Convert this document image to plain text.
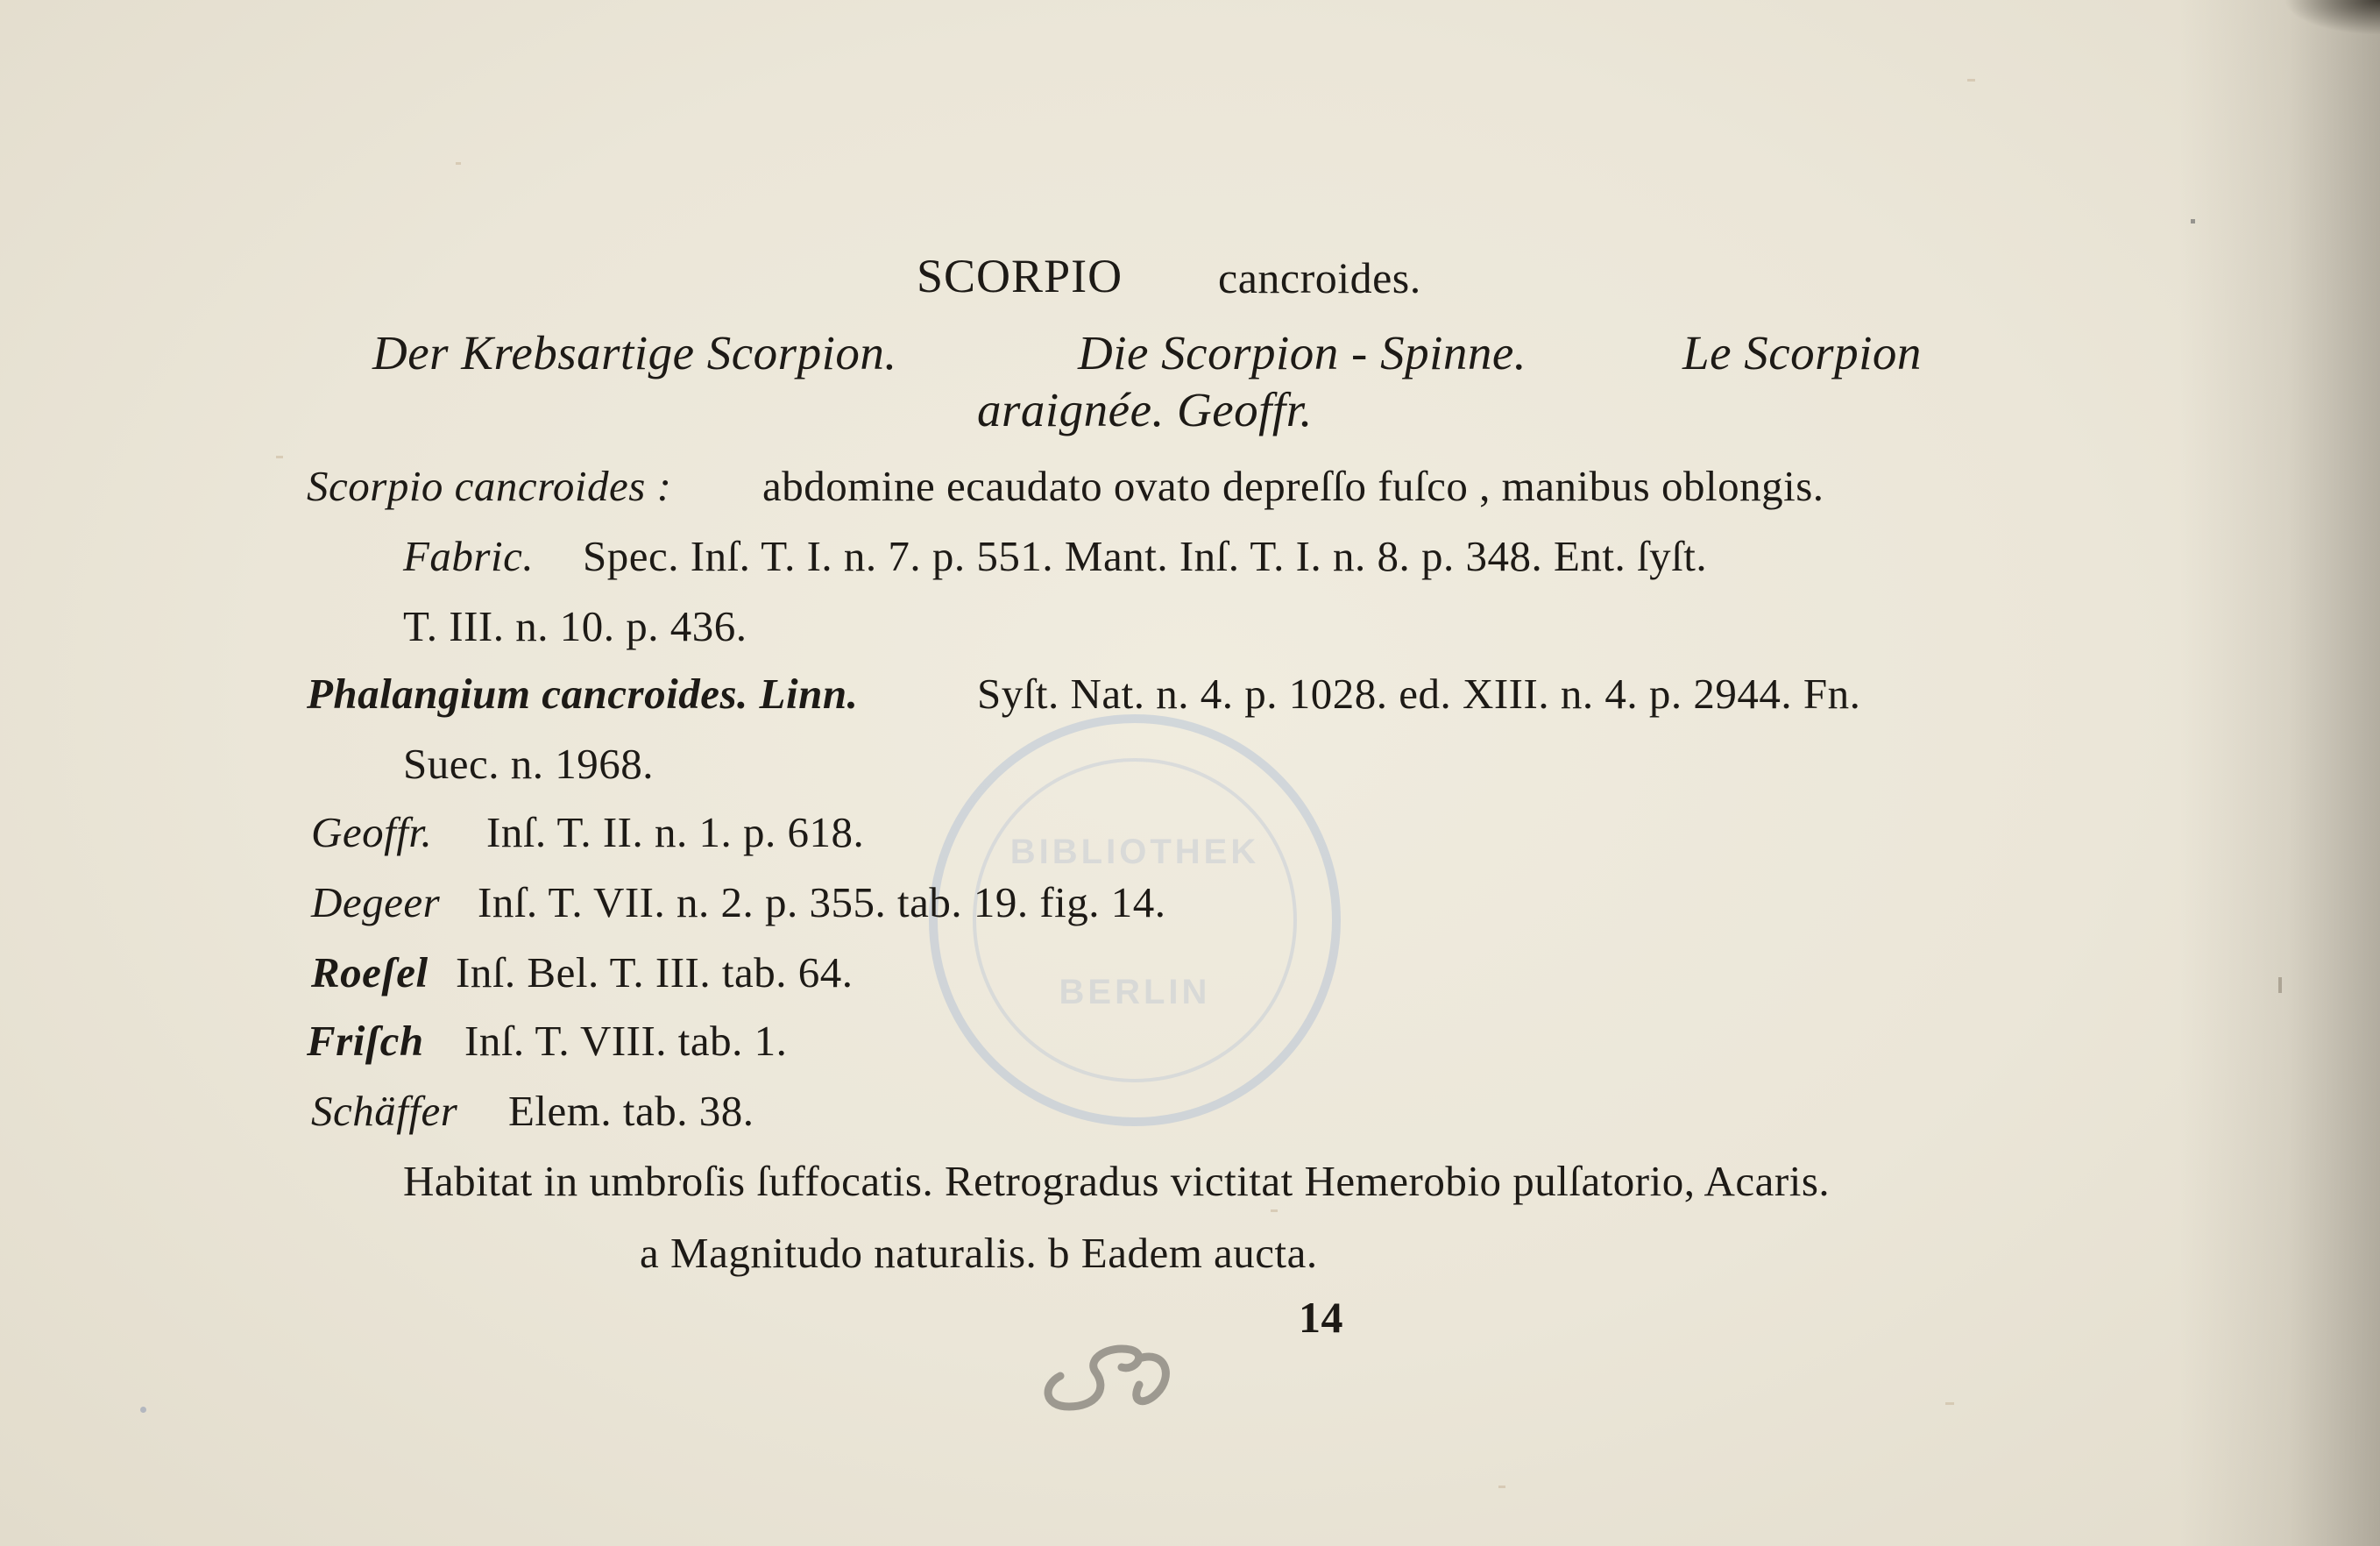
BIBLIOTHEK
BERLIN
SCORPIO cancroides.
Der Krebsartige Scorpion.	Die Scorpion - Spinne.	Le Scorpion
araignée. Geoffr.
Scorpio cancroides : abdomine ecaudato ovato depreſſo fuſco , manibus oblongis.
Fabric. Spec. Inſ. T. I. n. 7. p. 551. Mant. Inſ. T. I. n. 8. p. 348. Ent. ſyſt.
T. III. n. 10. p. 436.
Phalangium cancroides. Linn.	Syſt. Nat. n. 4. p. 1028. ed. XIII. n. 4. p. 2944. Fn.
Suec. n. 1968.
Geoffr. Inſ. T. II. n. 1. p. 618.
Degeer Inſ. T. VII. n. 2. p. 355. tab. 19. fig. 14.
Roeſel Inſ. Bel. T. III. tab. 64.
Friſch Inſ. T. VIII. tab. 1.
Schäffer Elem. tab. 38.
Habitat in umbroſis ſuffocatis. Retrogradus victitat Hemerobio pulſatorio, Acaris.
a Magnitudo naturalis. b Eadem aucta.
14
